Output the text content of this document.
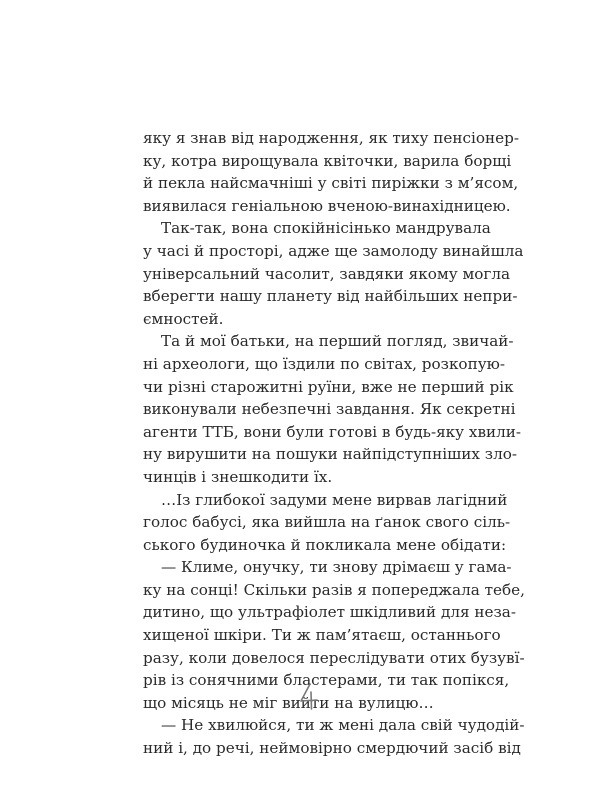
яку я знав від народження, як тиху пенсіонер-
ку, котра вирощувала квіточки, варила борщі
й пекла найсмачніші у світі пиріжки з м’ясом,
виявилася геніальною вченою-винахідницею.
Так-так, вона спокійнісінько мандрувала
у часі й просторі, адже ще замолоду винайшла
універсальний часолит, завдяки якому могла
вберегти нашу планету від найбільших непри-
ємностей.
Та й мої батьки, на перший погляд, звичай-
ні археологи, що їздили по світах, розкопую-
чи різні старожитні руїни, вже не перший рік
виконували небезпечні завдання. Як секретні
агенти ТТБ, вони були готові в будь-яку хвили-
ну вирушити на пошуки найпідступніших зло-
чинців і знешкодити їх.
…Із глибокої задуми мене вирвав лагідний
голос бабусі, яка вийшла на ґанок свого сіль-
ського будиночка й покликала мене обідати:
— Климе, онучку, ти знову дрімаєш у гама-
ку на сонці! Скільки разів я попереджала тебе,
дитино, що ультрафіолет шкідливий для неза-
хищеної шкіри. Ти ж пам’ятаєш, останнього
разу, коли довелося переслідувати отих бузувї-
рів із сонячними бластерами, ти так попікся,
що місяць не міг вийти на вулицю…
— Не хвилюйся, ти ж мені дала свій чудодій-
ний і, до речі, неймовірно смердючий засіб від
